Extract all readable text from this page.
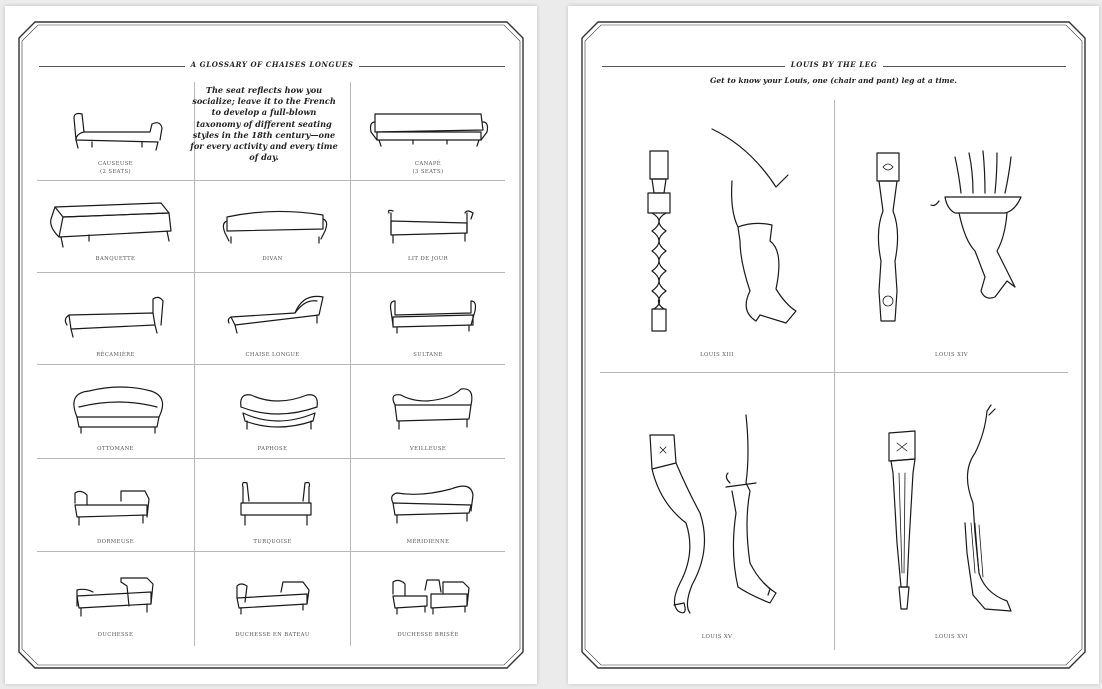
A GLOSSARY OF CHAISES LONGUES
The seat reflects how you socialize; leave it to the French to develop a full-blown taxonomy of different seating styles in the 18th century—one for every activity and every time of day.
CAUSEUSE
(2 SEATS)
CANAPÉ
(3 SEATS)
BANQUETTE	DIVAN	LIT DE JOUR
RÉCAMIÈRE	CHAISE LONGUE	SULTANE
OTTOMANE	PAPHOSE	VEILLEUSE
DORMEUSE	TURQUOISE	MÉRIDIENNE
DUCHESSE	DUCHESSE EN BATEAU	DUCHESSE BRISÉE
LOUIS BY THE LEG
Get to know your Louis, one (chair and pant) leg at a time.
LOUIS XIII	LOUIS XIV
LOUIS XV	LOUIS XVI
